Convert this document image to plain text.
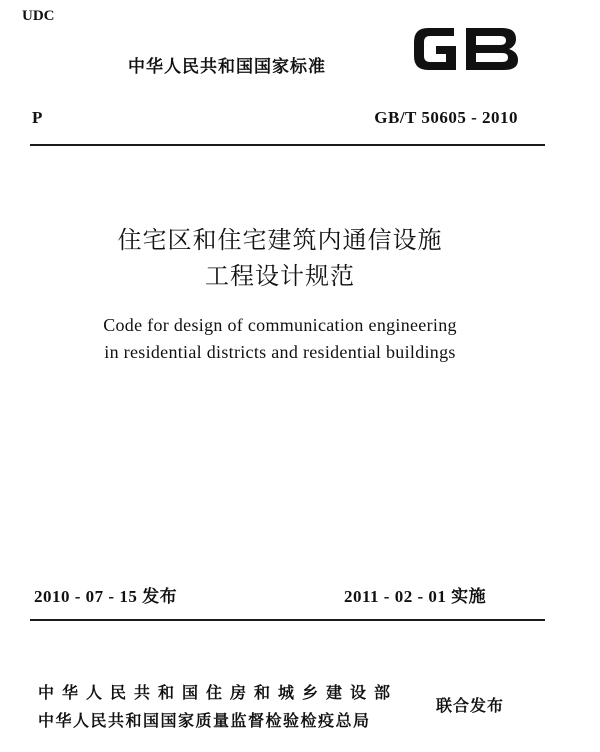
UDC
中华人民共和国国家标准
P	GB/T 50605 - 2010
住宅区和住宅建筑内通信设施
工程设计规范
Code for design of communication engineering
in residential districts and residential buildings
2010 - 07 - 15 发布	2011 - 02 - 01 实施
中华人民共和国住房和城乡建设部
中华人民共和国国家质量监督检验检疫总局
联合发布
